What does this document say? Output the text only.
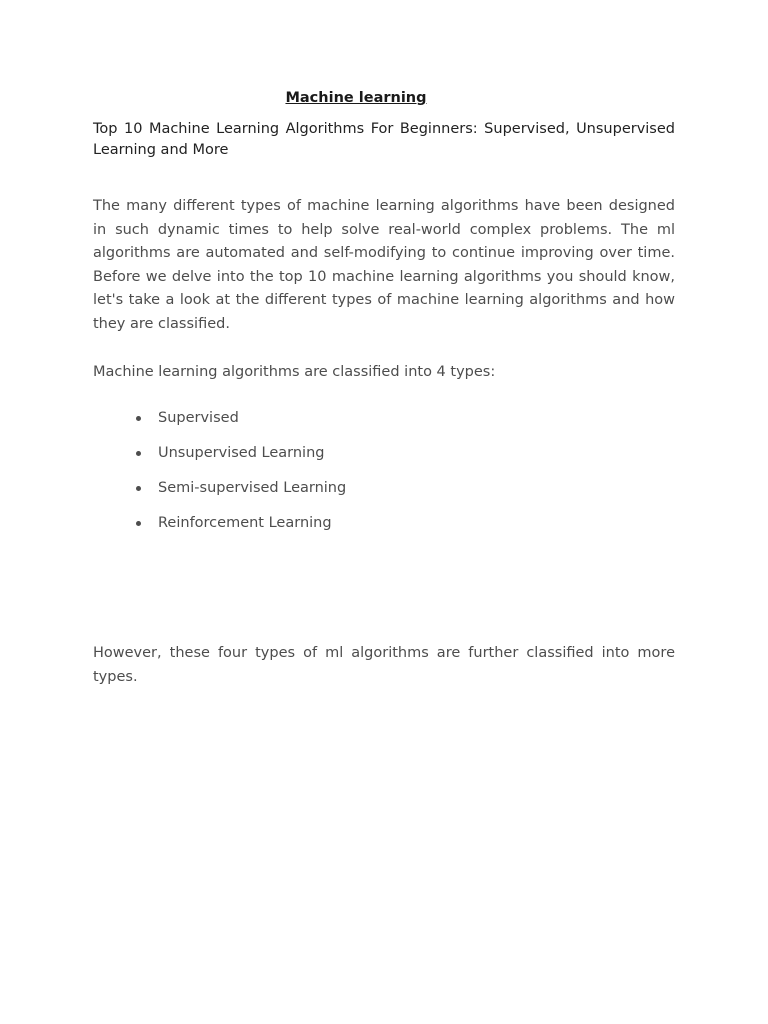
Machine learning
Top 10 Machine Learning Algorithms For Beginners: Supervised, Unsupervised Learning and More
The many different types of machine learning algorithms have been designed in such dynamic times to help solve real-world complex problems. The ml algorithms are automated and self-modifying to continue improving over time. Before we delve into the top 10 machine learning algorithms you should know, let's take a look at the different types of machine learning algorithms and how they are classified.
Machine learning algorithms are classified into 4 types:
Supervised
Unsupervised Learning
Semi-supervised Learning
Reinforcement Learning
However, these four types of ml algorithms are further classified into more types.
